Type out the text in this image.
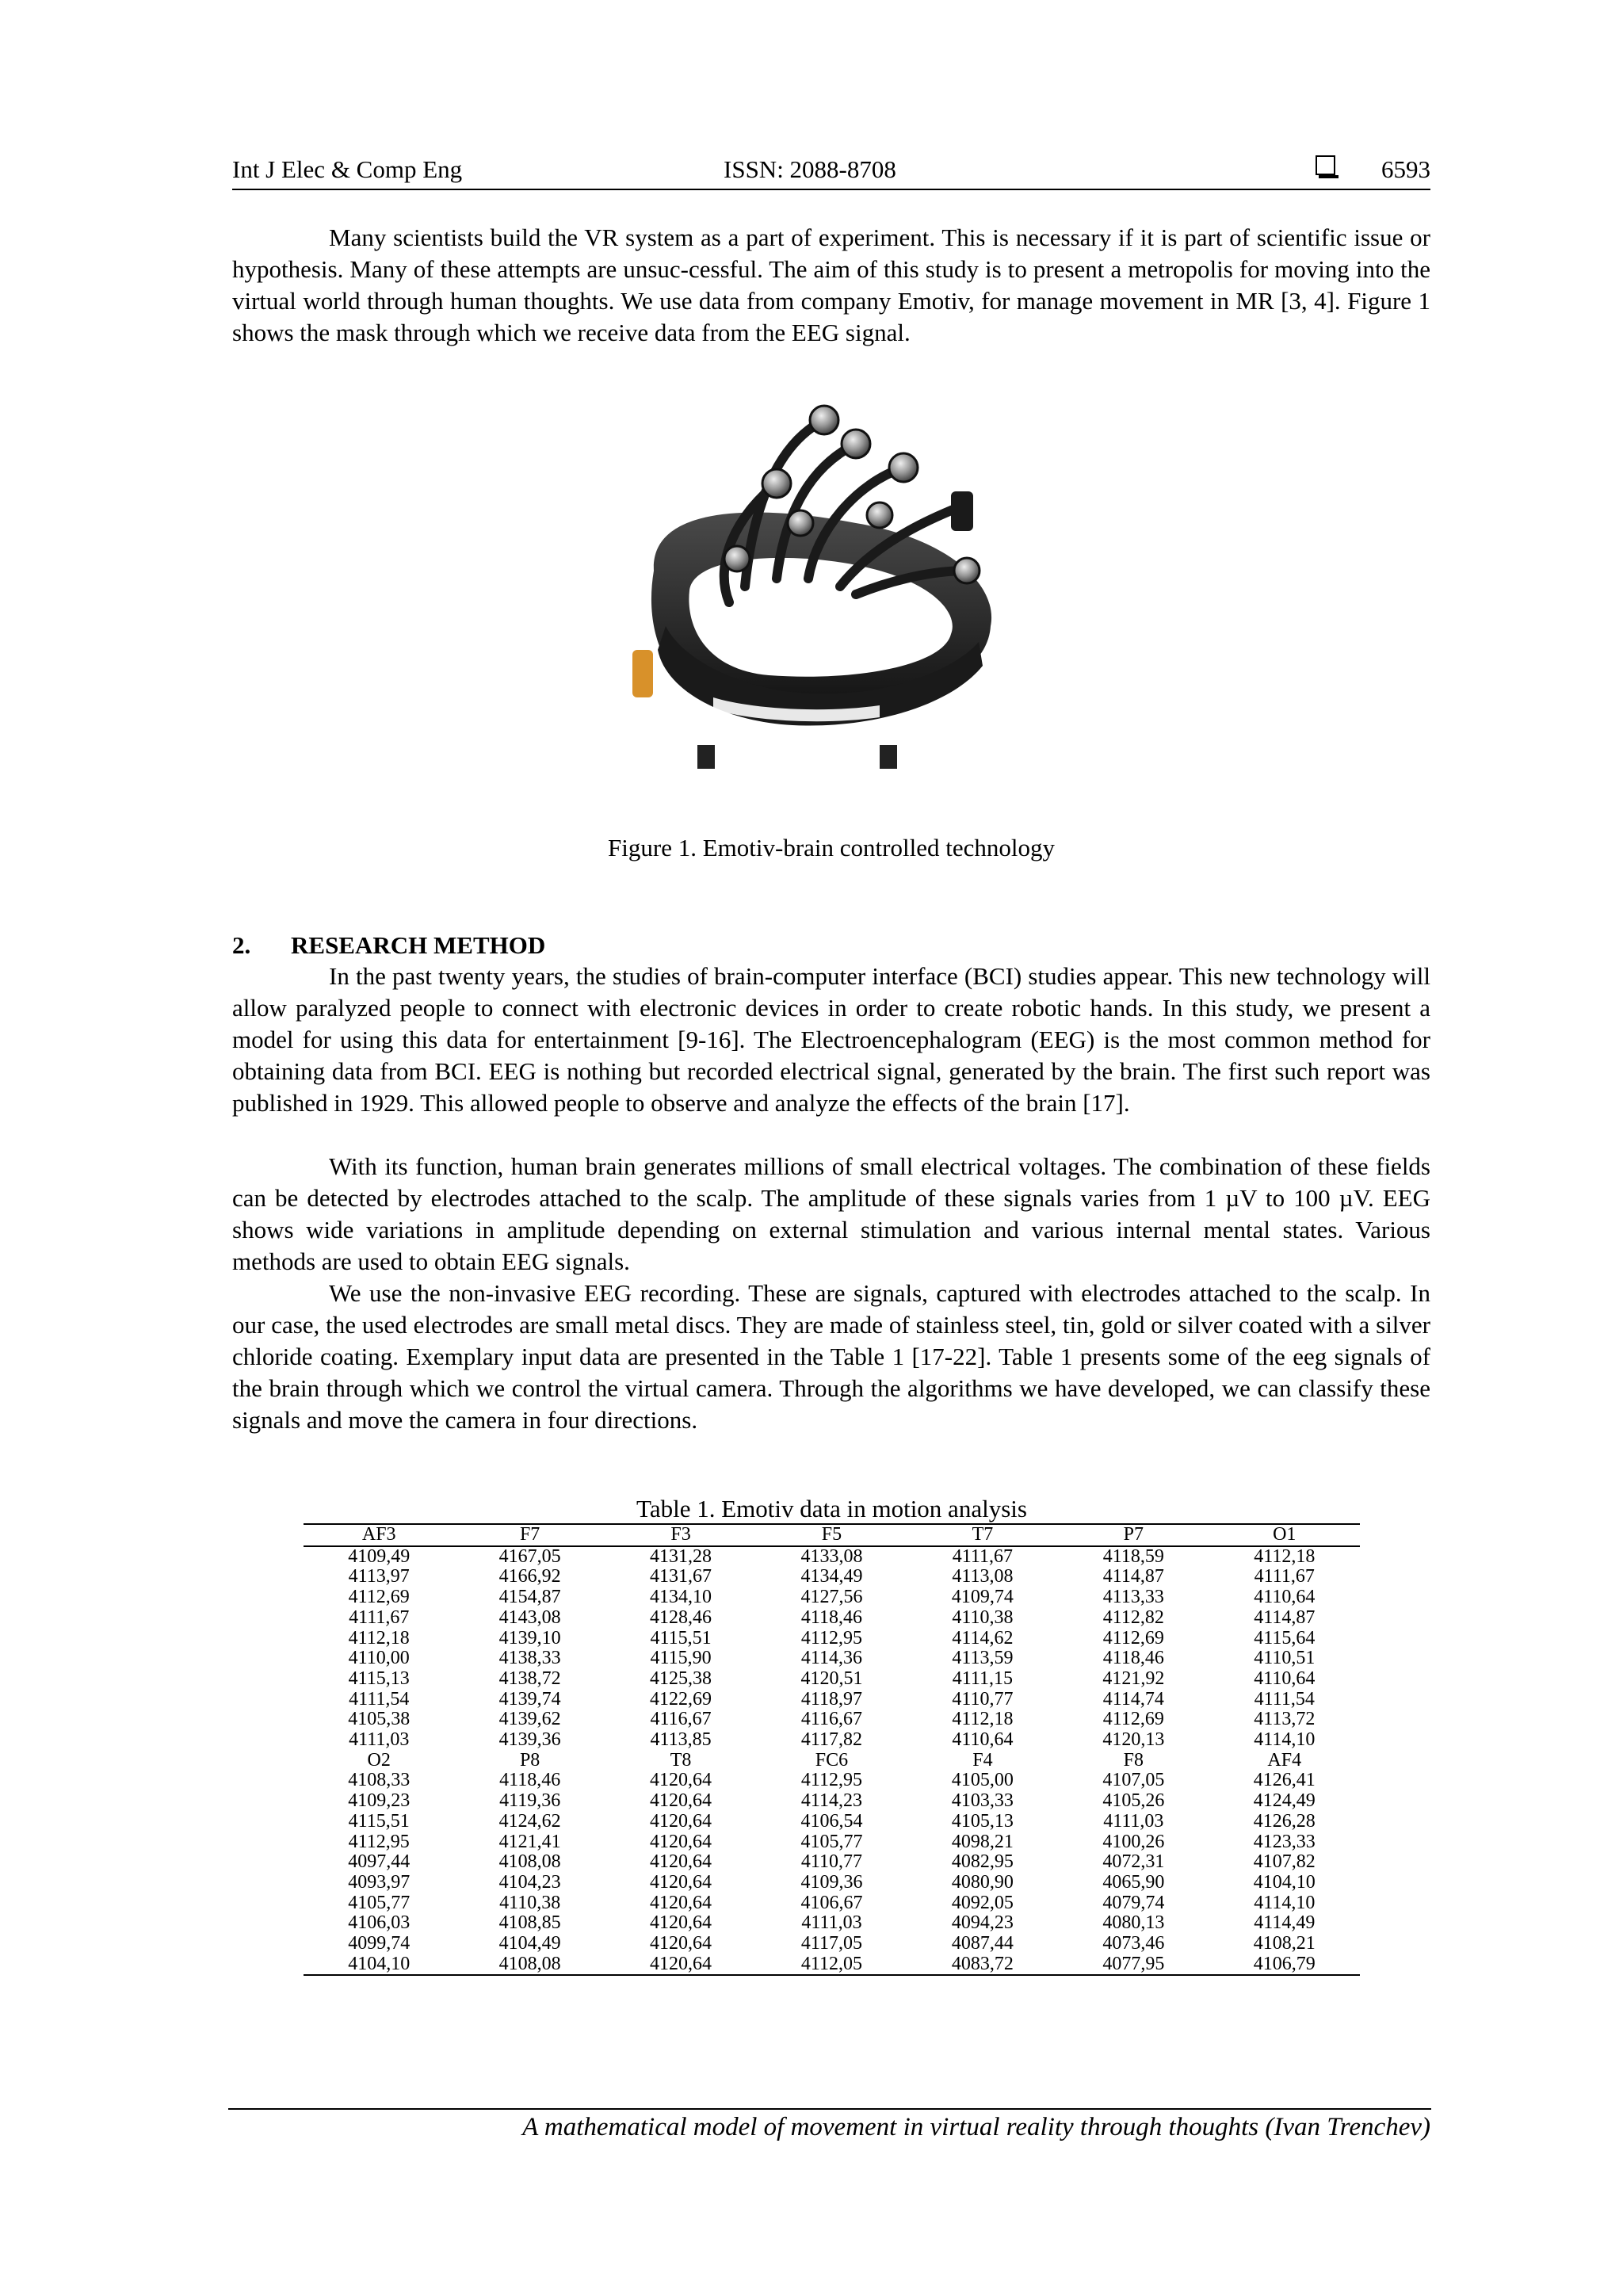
Int J Elec & Comp Eng	ISSN: 2088-8708	6593

Many scientists build the VR system as a part of experiment. This is necessary if it is part of scientific issue or hypothesis. Many of these attempts are unsuc-cessful. The aim of this study is to present a metropolis for moving into the virtual world through human thoughts. We use data from company Emotiv, for manage movement in MR [3, 4]. Figure 1 shows the mask through which we receive data from the EEG signal.

Figure 1. Emotiv-brain controlled technology
2. RESEARCH METHOD

In the past twenty years, the studies of brain-computer interface (BCI) studies appear. This new technology will allow paralyzed people to connect with electronic devices in order to create robotic hands. In this study, we present a model for using this data for entertainment [9-16]. The Electroencephalogram (EEG) is the most common method for obtaining data from BCI. EEG is nothing but recorded electrical signal, generated by the brain. The first such report was published in 1929. This allowed people to observe and analyze the effects of the brain [17].

With its function, human brain generates millions of small electrical voltages. The combination of these fields can be detected by electrodes attached to the scalp. The amplitude of these signals varies from 1 µV to 100 µV. EEG shows wide variations in amplitude depending on external stimulation and various internal mental states. Various methods are used to obtain EEG signals.

We use the non-invasive EEG recording. These are signals, captured with electrodes attached to the scalp. In our case, the used electrodes are small metal discs. They are made of stainless steel, tin, gold or silver coated with a silver chloride coating. Exemplary input data are presented in the Table 1 [17-22]. Table 1 presents some of the eeg signals of the brain through which we control the virtual camera. Through the algorithms we have developed, we can classify these signals and move the camera in four directions.

Table 1. Emotiv data in motion analysis
AF3	F7	F3	F5	T7	P7	O1
4109,49	4167,05	4131,28	4133,08	4111,67	4118,59	4112,18
4113,97	4166,92	4131,67	4134,49	4113,08	4114,87	4111,67
4112,69	4154,87	4134,10	4127,56	4109,74	4113,33	4110,64
4111,67	4143,08	4128,46	4118,46	4110,38	4112,82	4114,87
4112,18	4139,10	4115,51	4112,95	4114,62	4112,69	4115,64
4110,00	4138,33	4115,90	4114,36	4113,59	4118,46	4110,51
4115,13	4138,72	4125,38	4120,51	4111,15	4121,92	4110,64
4111,54	4139,74	4122,69	4118,97	4110,77	4114,74	4111,54
4105,38	4139,62	4116,67	4116,67	4112,18	4112,69	4113,72
4111,03	4139,36	4113,85	4117,82	4110,64	4120,13	4114,10
O2	P8	T8	FC6	F4	F8	AF4
4108,33	4118,46	4120,64	4112,95	4105,00	4107,05	4126,41
4109,23	4119,36	4120,64	4114,23	4103,33	4105,26	4124,49
4115,51	4124,62	4120,64	4106,54	4105,13	4111,03	4126,28
4112,95	4121,41	4120,64	4105,77	4098,21	4100,26	4123,33
4097,44	4108,08	4120,64	4110,77	4082,95	4072,31	4107,82
4093,97	4104,23	4120,64	4109,36	4080,90	4065,90	4104,10
4105,77	4110,38	4120,64	4106,67	4092,05	4079,74	4114,10
4106,03	4108,85	4120,64	4111,03	4094,23	4080,13	4114,49
4099,74	4104,49	4120,64	4117,05	4087,44	4073,46	4108,21
4104,10	4108,08	4120,64	4112,05	4083,72	4077,95	4106,79
A mathematical model of movement in virtual reality through thoughts (Ivan Trenchev)
